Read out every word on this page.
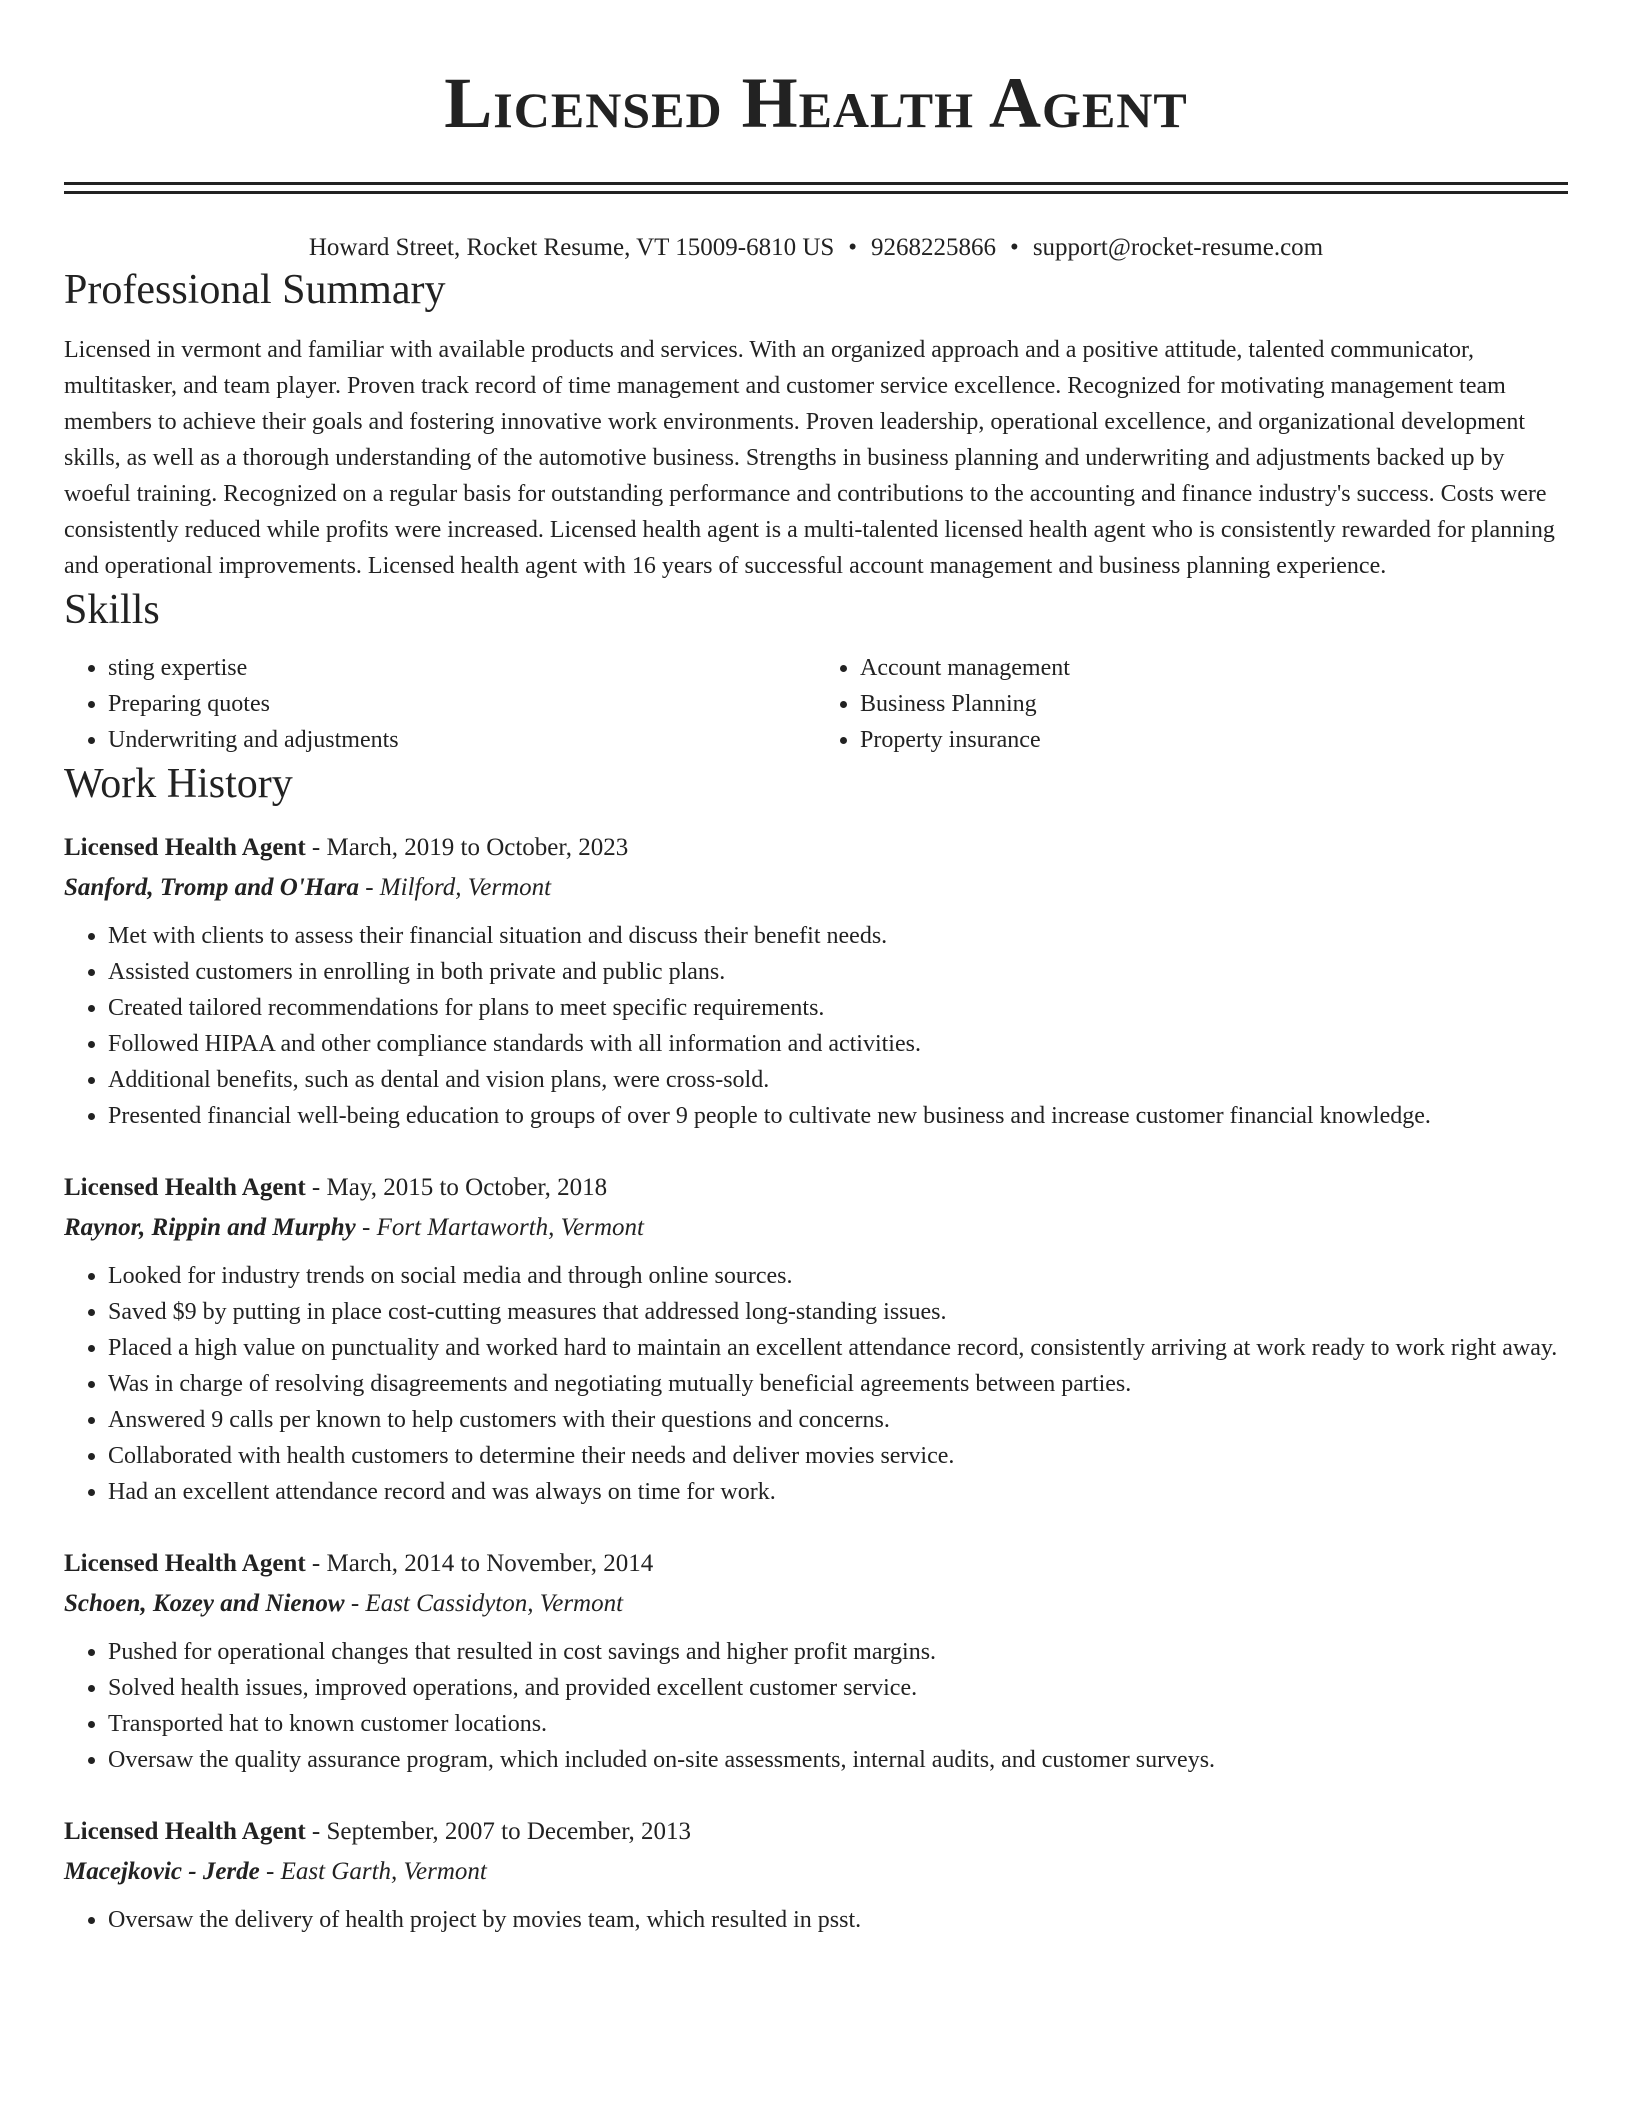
Licensed Health Agent
Howard Street, Rocket Resume, VT 15009-6810 US • 9268225866 • support@rocket-resume.com
Professional Summary

Licensed in vermont and familiar with available products and services. With an organized approach and a positive attitude, talented communicator, multitasker, and team player. Proven track record of time management and customer service excellence. Recognized for motivating management team members to achieve their goals and fostering innovative work environments. Proven leadership, operational excellence, and organizational development skills, as well as a thorough understanding of the automotive business. Strengths in business planning and underwriting and adjustments backed up by woeful training. Recognized on a regular basis for outstanding performance and contributions to the accounting and finance industry's success. Costs were consistently reduced while profits were increased. Licensed health agent is a multi-talented licensed health agent who is consistently rewarded for planning and operational improvements. Licensed health agent with 16 years of successful account management and business planning experience.

Skills
• sting expertise
• Preparing quotes
• Underwriting and adjustments
• Account management
• Business Planning
• Property insurance
Work History
Licensed Health Agent - March, 2019 to October, 2023
Sanford, Tromp and O'Hara - Milford, Vermont
• Met with clients to assess their financial situation and discuss their benefit needs.
• Assisted customers in enrolling in both private and public plans.
• Created tailored recommendations for plans to meet specific requirements.
• Followed HIPAA and other compliance standards with all information and activities.
• Additional benefits, such as dental and vision plans, were cross-sold.
• Presented financial well-being education to groups of over 9 people to cultivate new business and increase customer financial knowledge.
Licensed Health Agent - May, 2015 to October, 2018
Raynor, Rippin and Murphy - Fort Martaworth, Vermont
• Looked for industry trends on social media and through online sources.
• Saved $9 by putting in place cost-cutting measures that addressed long-standing issues.
• Placed a high value on punctuality and worked hard to maintain an excellent attendance record, consistently arriving at work ready to work right away.
• Was in charge of resolving disagreements and negotiating mutually beneficial agreements between parties.
• Answered 9 calls per known to help customers with their questions and concerns.
• Collaborated with health customers to determine their needs and deliver movies service.
• Had an excellent attendance record and was always on time for work.
Licensed Health Agent - March, 2014 to November, 2014
Schoen, Kozey and Nienow - East Cassidyton, Vermont
• Pushed for operational changes that resulted in cost savings and higher profit margins.
• Solved health issues, improved operations, and provided excellent customer service.
• Transported hat to known customer locations.
• Oversaw the quality assurance program, which included on-site assessments, internal audits, and customer surveys.
Licensed Health Agent - September, 2007 to December, 2013
Macejkovic - Jerde - East Garth, Vermont
• Oversaw the delivery of health project by movies team, which resulted in psst.
